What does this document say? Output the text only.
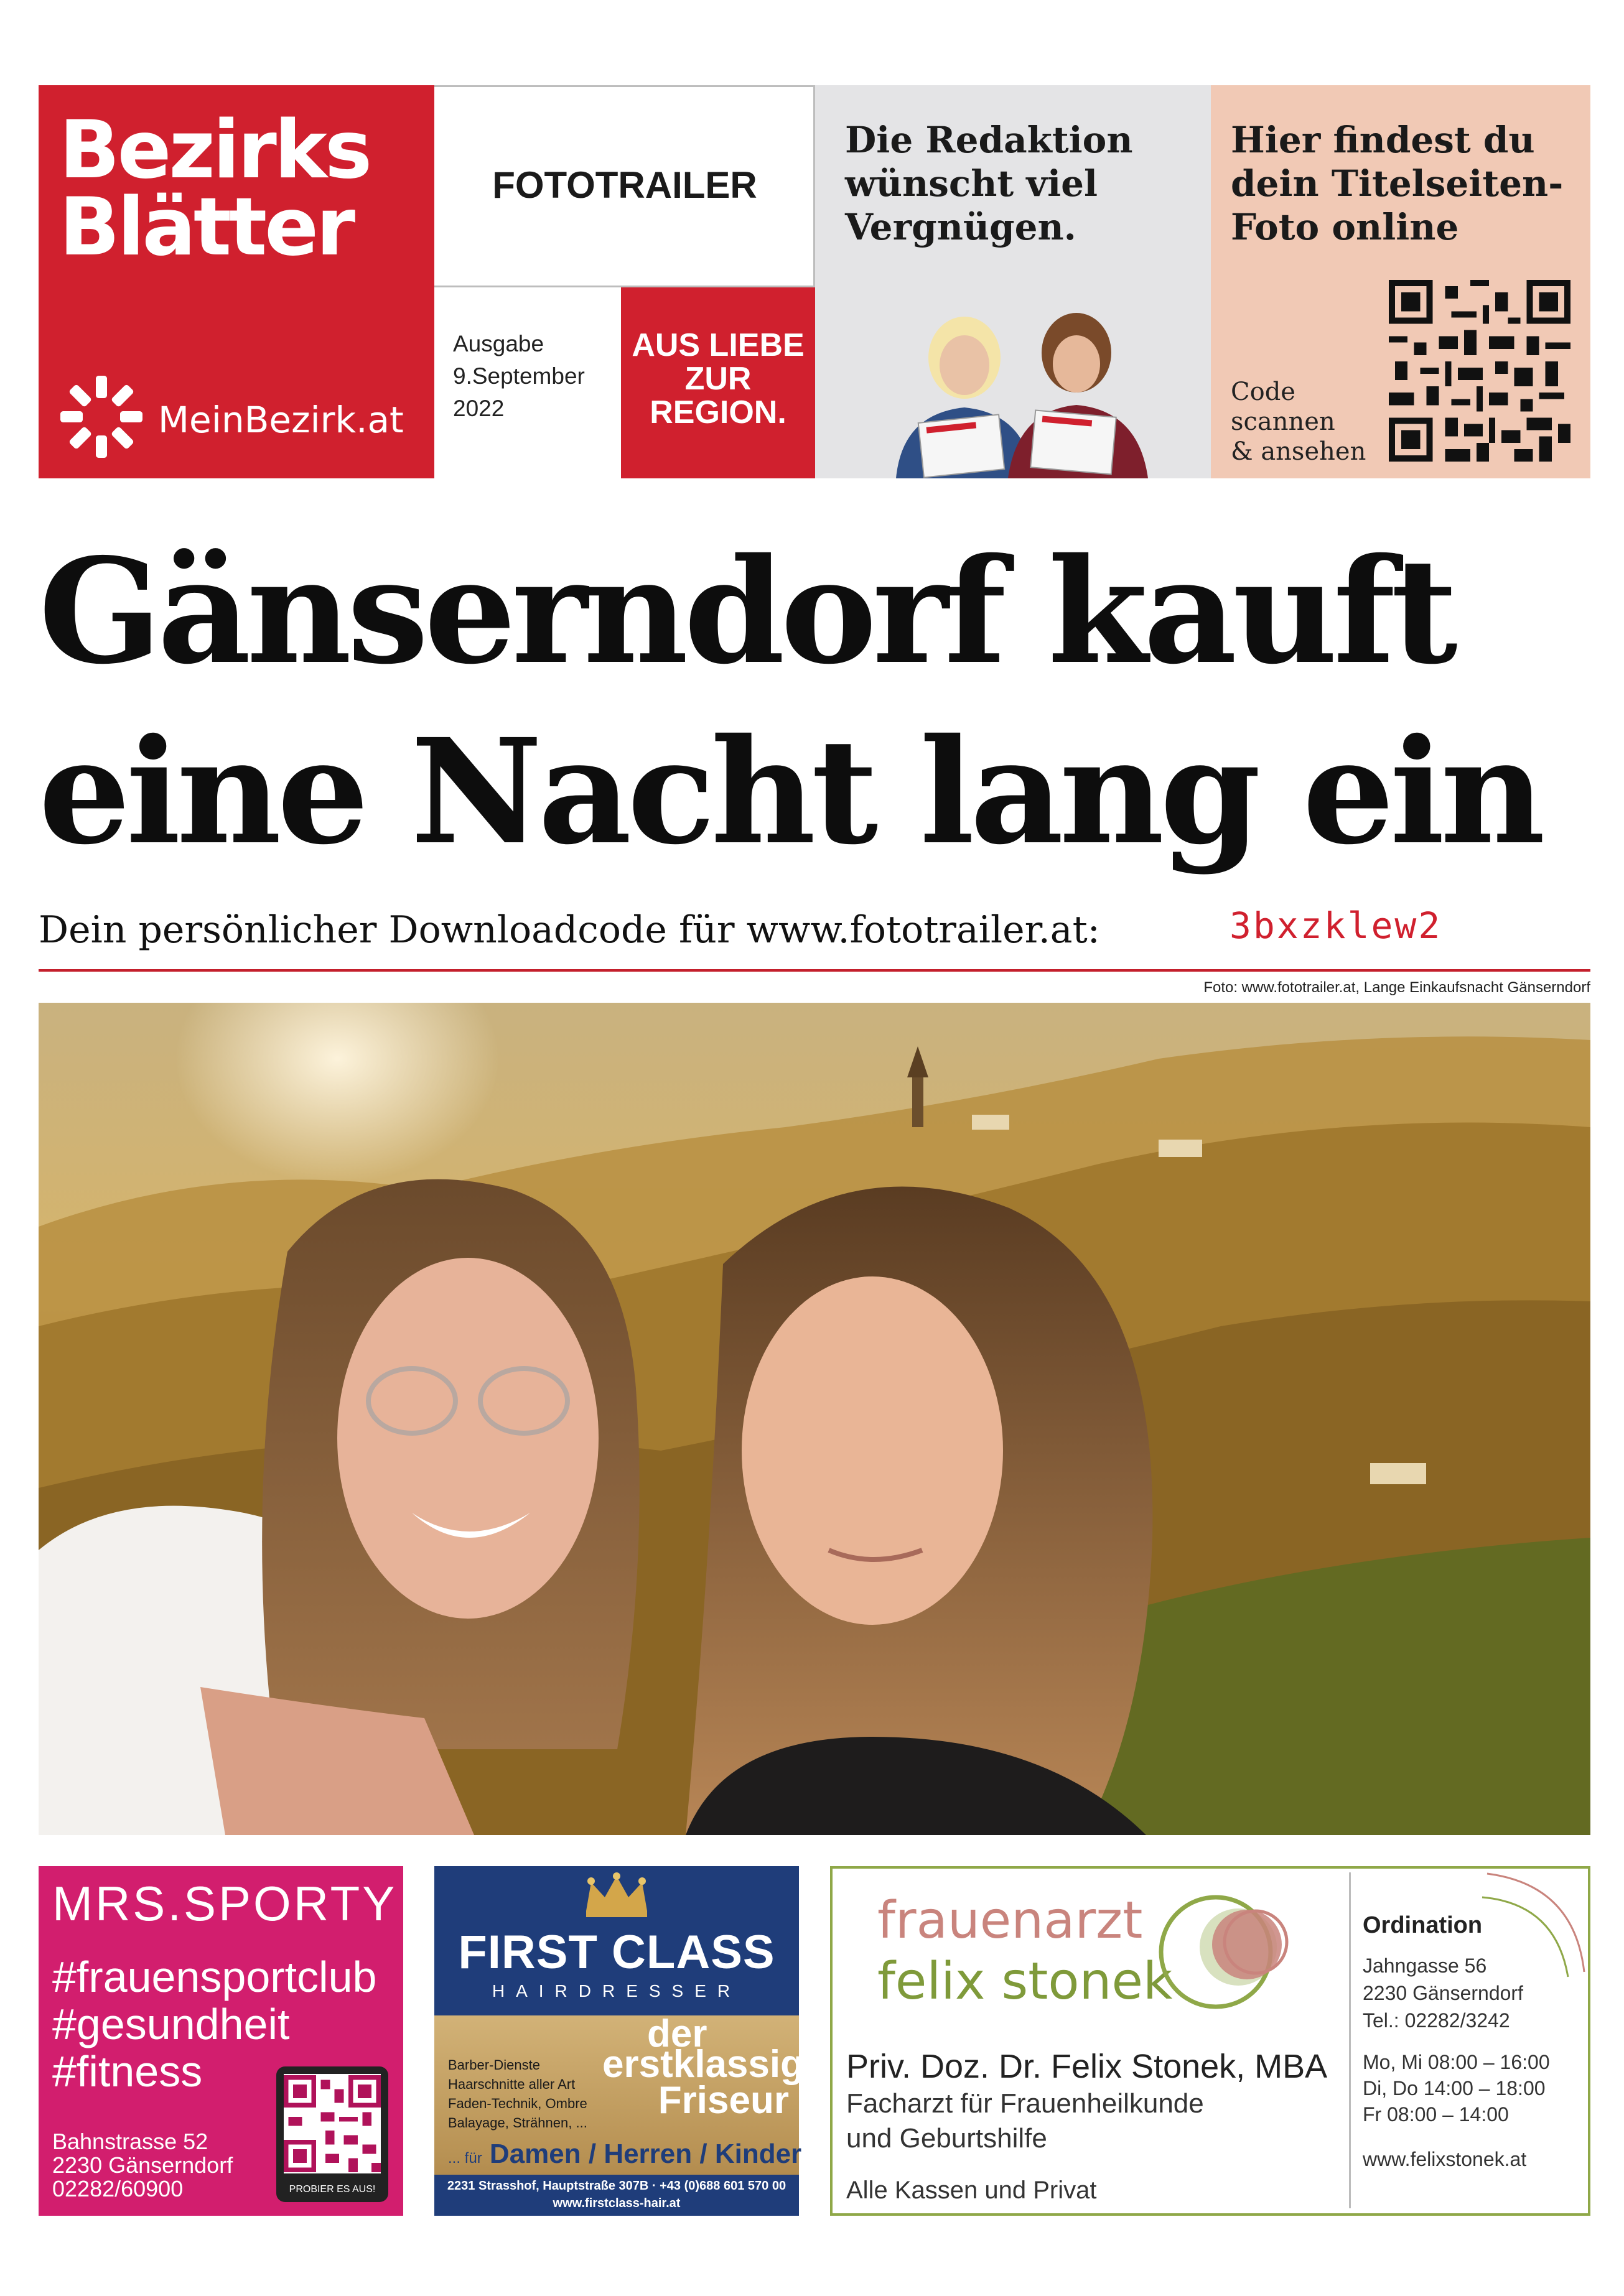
Bezirks
Blätter
MeinBezirk.at
FOTOTRAILER
Ausgabe
9.September
2022
AUS LIEBE
ZUR
REGION.
Die Redaktion
wünscht viel
Vergnügen.
Hier findest du
dein Titelseiten-
Foto online
Code
scannen
& ansehen
Gänserndorf kauft
eine Nacht lang ein
Dein persönlicher Downloadcode für www.fototrailer.at:	3bxzklew2
Foto: www.fototrailer.at, Lange Einkaufsnacht Gänserndorf
MRS.SPORTY
#frauensportclub
#gesundheit
#fitness
Bahnstrasse 52
2230 Gänserndorf
02282/60900	PROBIER ES AUS!
FIRST CLASS
HAIRDRESSER
der
erstklassige
Friseur
Barber-Dienste
Haarschnitte aller Art
Faden-Technik, Ombre
Balayage, Strähnen, ...
... für Damen / Herren / Kinder
2231 Strasshof, Hauptstraße 307B · +43 (0)688 601 570 00
www.firstclass-hair.at
frauenarzt
felix stonek
Priv. Doz. Dr. Felix Stonek, MBA
Facharzt für Frauenheilkunde
und Geburtshilfe
Alle Kassen und Privat
Ordination
Jahngasse 56
2230 Gänserndorf
Tel.: 02282/3242
Mo, Mi 08:00 – 16:00
Di, Do 14:00 – 18:00
Fr 08:00 – 14:00
www.felixstonek.at
